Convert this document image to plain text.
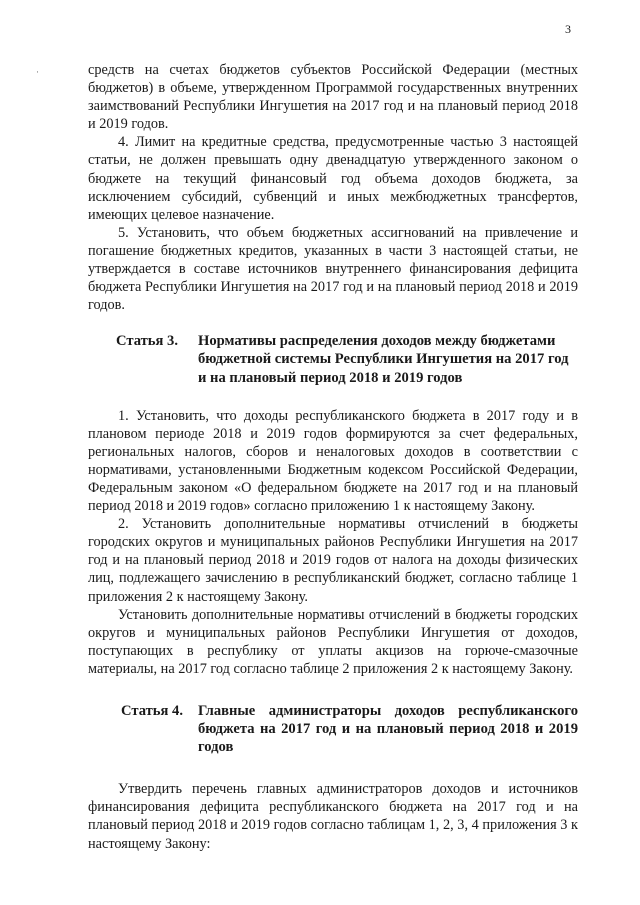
3
·	средств на счетах бюджетов субъектов Российской Федерации (местных бюджетов) в объеме, утвержденном Программой государственных внутренних заимствований Республики Ингушетия на 2017 год и на плановый период 2018 и 2019 годов.

4. Лимит на кредитные средства, предусмотренные частью 3 настоящей статьи, не должен превышать одну двенадцатую утвержденного законом о бюджете на текущий финансовый год объема доходов бюджета, за исключением субсидий, субвенций и иных межбюджетных трансфертов, имеющих целевое назначение.

5. Установить, что объем бюджетных ассигнований на привлечение и погашение бюджетных кредитов, указанных в части 3 настоящей статьи, не утверждается в составе источников внутреннего финансирования дефицита бюджета Республики Ингушетия на 2017 год и на плановый период 2018 и 2019 годов.

Статья 3.	Нормативы распределения доходов между бюджетами бюджетной системы Республики Ингушетия на 2017 год и на плановый период 2018 и 2019 годов

1. Установить, что доходы республиканского бюджета в 2017 году и в плановом периоде 2018 и 2019 годов формируются за счет федеральных, региональных налогов, сборов и неналоговых доходов в соответствии с нормативами, установленными Бюджетным кодексом Российской Федерации, Федеральным законом «О федеральном бюджете на 2017 год и на плановый период 2018 и 2019 годов» согласно приложению 1 к настоящему Закону.

2. Установить дополнительные нормативы отчислений в бюджеты городских округов и муниципальных районов Республики Ингушетия на 2017 год и на плановый период 2018 и 2019 годов от налога на доходы физических лиц, подлежащего зачислению в республиканский бюджет, согласно таблице 1 приложения 2 к настоящему Закону.

Установить дополнительные нормативы отчислений в бюджеты городских округов и муниципальных районов Республики Ингушетия от доходов, поступающих в республику от уплаты акцизов на горюче-смазочные материалы, на 2017 год согласно таблице 2 приложения 2 к настоящему Закону.

Статья 4.	Главные администраторы доходов республиканского бюджета на 2017 год и на плановый период 2018 и 2019 годов

Утвердить перечень главных администраторов доходов и источников финансирования дефицита республиканского бюджета на 2017 год и на плановый период 2018 и 2019 годов согласно таблицам 1, 2, 3, 4 приложения 3 к настоящему Закону:
